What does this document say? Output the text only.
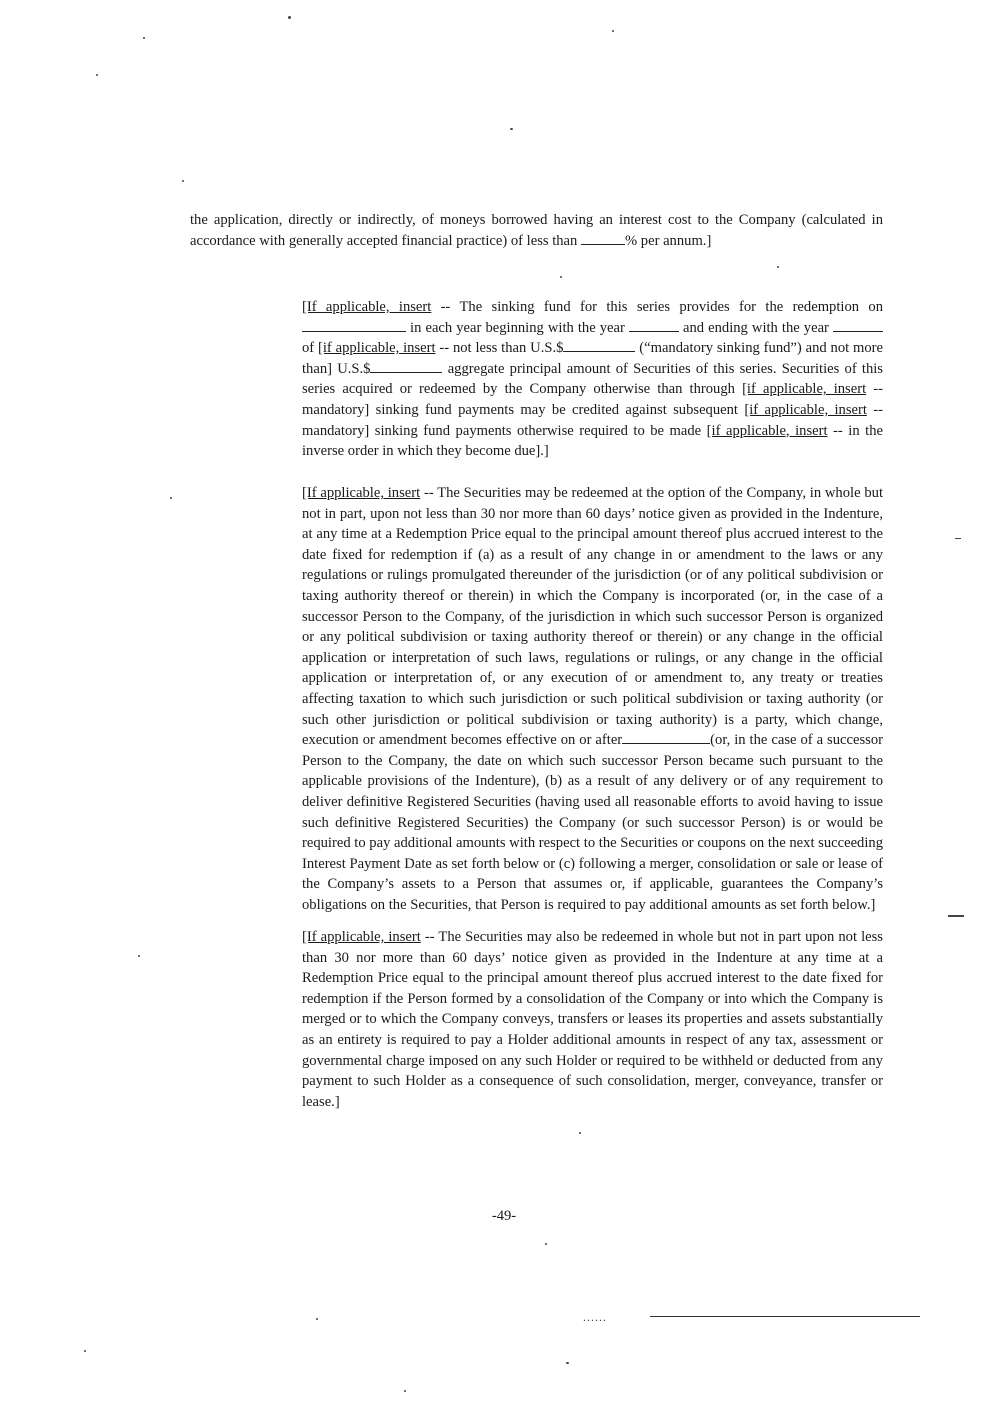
the application, directly or indirectly, of moneys borrowed having an interest cost to the Company (calculated in accordance with generally accepted financial practice) of less than	% per annum.]

[If applicable, insert -- The sinking fund for this series provides for the redemption on in each year beginning with the year	and ending with the year  of [if applicable, insert -- not less than U.S.$	(“mandatory sinking fund”) and not more than] U.S.$	aggregate principal amount of Securities of this series. Securities of this series acquired or redeemed by the Company otherwise than through [if applicable, insert -- mandatory] sinking fund payments may be credited against subsequent [if applicable, insert -- mandatory] sinking fund payments otherwise required to be made [if applicable, insert -- in the inverse order in which they become due].]

[If applicable, insert -- The Securities may be redeemed at the option of the Company, in whole but not in part, upon not less than 30 nor more than 60 days’ notice given as provided in the Indenture, at any time at a Redemption Price equal to the principal amount thereof plus accrued interest to the date fixed for redemption if (a) as a result of any change in or amendment to the laws or any regulations or rulings promulgated thereunder of the jurisdiction (or of any political subdivision or taxing authority thereof or therein) in which the Company is incorporated (or, in the case of a successor Person to the Company, of the jurisdiction in which such successor Person is organized or any political subdivision or taxing authority thereof or therein) or any change in the official application or interpretation of such laws, regulations or rulings, or any change in the official application or interpretation of, or any execution of or amendment to, any treaty or treaties affecting taxation to which such jurisdiction or such political subdivision or taxing authority (or such other jurisdiction or political subdivision or taxing authority) is a party, which change, execution or amendment becomes effective on or after	(or, in the case of a successor Person to the Company, the date on which such successor Person became such pursuant to the applicable provisions of the Indenture), (b) as a result of any delivery or of any requirement to deliver definitive Registered Securities (having used all reasonable efforts to avoid having to issue such definitive Registered Securities) the Company (or such successor Person) is or would be required to pay additional amounts with respect to the Securities or coupons on the next succeeding Interest Payment Date as set forth below or (c) following a merger, consolidation or sale or lease of the Company’s assets to a Person that assumes or, if applicable, guarantees the Company’s obligations on the Securities, that Person is required to pay additional amounts as set forth below.]

[If applicable, insert -- The Securities may also be redeemed in whole but not in part upon not less than 30 nor more than 60 days’ notice given as provided in the Indenture at any time at a Redemption Price equal to the principal amount thereof plus accrued interest to the date fixed for redemption if the Person formed by a consolidation of the Company or into which the Company is merged or to which the Company conveys, transfers or leases its properties and assets substantially as an entirety is required to pay a Holder additional amounts in respect of any tax, assessment or governmental charge imposed on any such Holder or required to be withheld or deducted from any payment to such Holder as a consequence of such consolidation, merger, conveyance, transfer or lease.]

-49-
......
